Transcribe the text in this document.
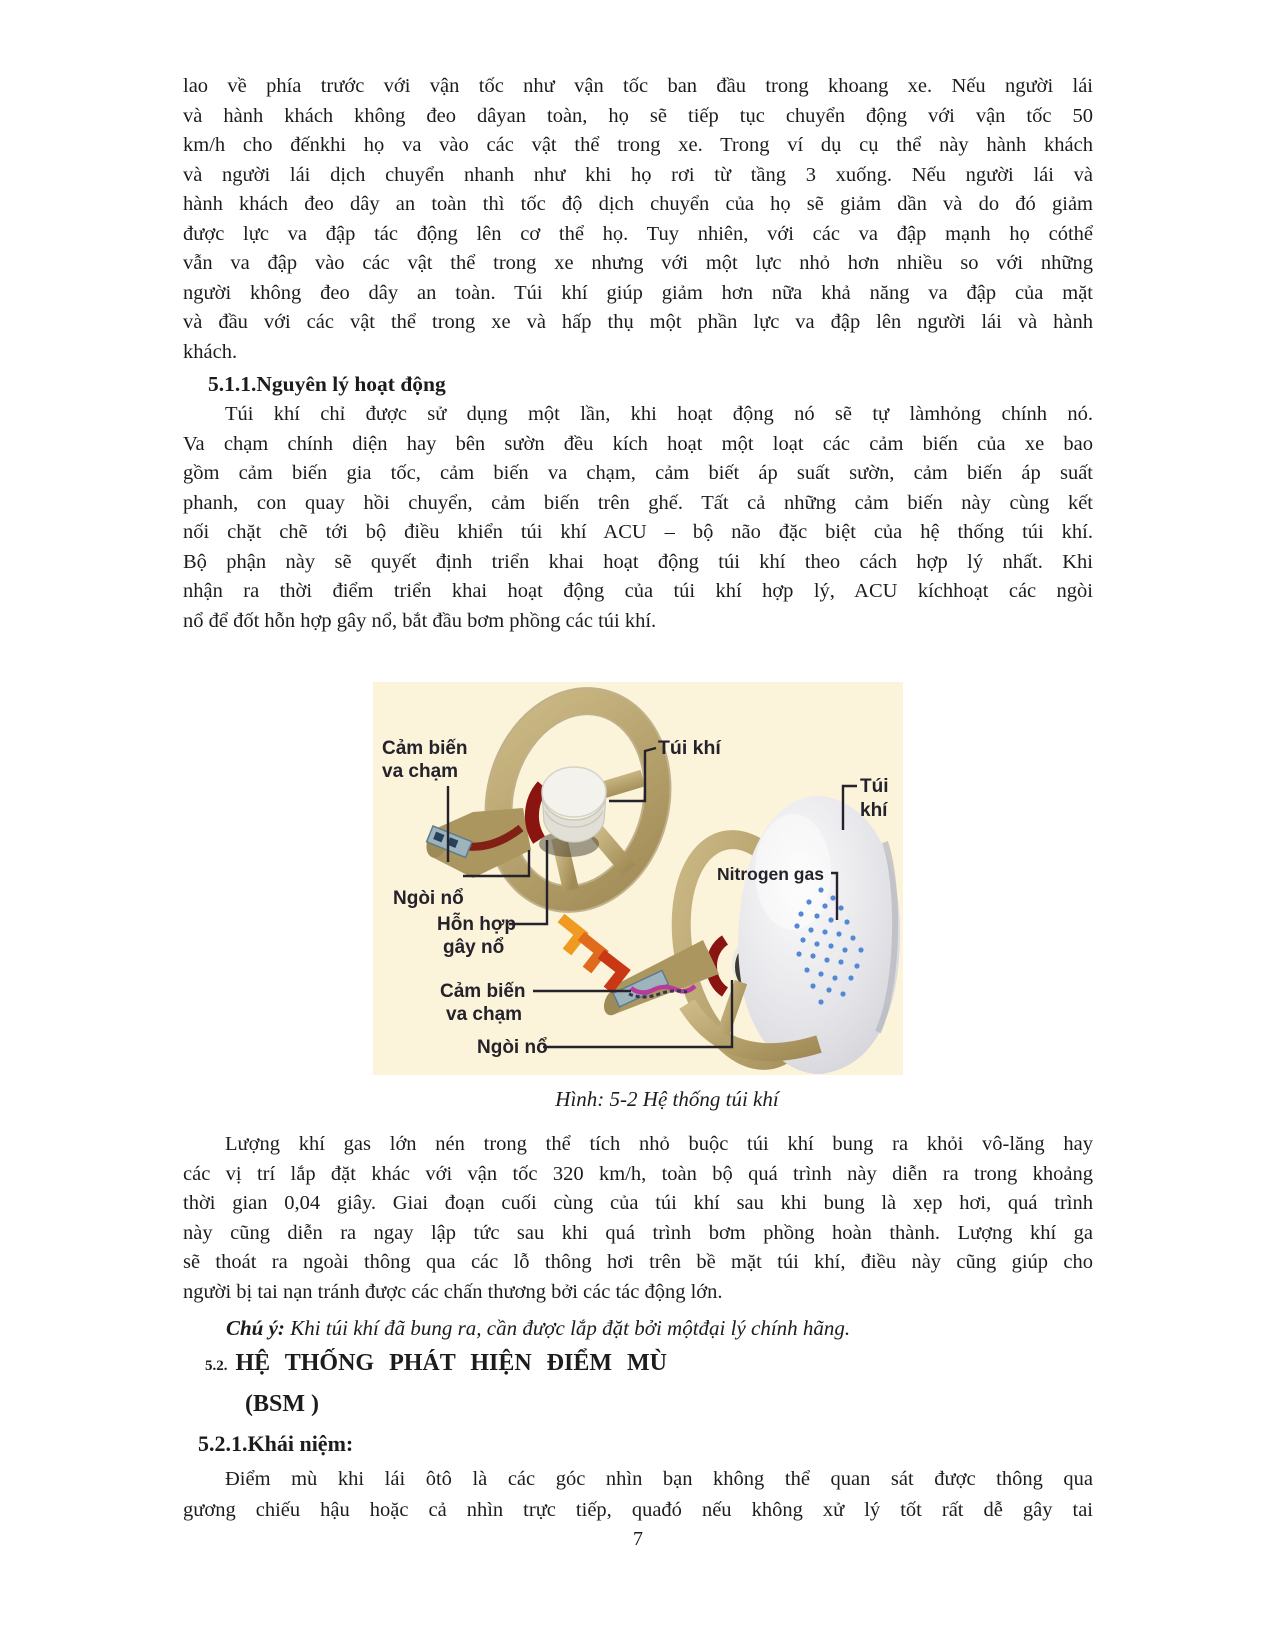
lao về phía trước với vận tốc như vận tốc ban đầu trong khoang xe. Nếu người lái
và hành khách không đeo dâyan toàn, họ sẽ tiếp tục chuyển động với vận tốc 50
km/h cho đếnkhi họ va vào các vật thể trong xe. Trong ví dụ cụ thể này hành khách
và người lái dịch chuyển nhanh như khi họ rơi từ tầng 3 xuống. Nếu người lái và
hành khách đeo dây an toàn thì tốc độ dịch chuyển của họ sẽ giảm dần và do đó giảm
được lực va đập tác động lên cơ thể họ. Tuy nhiên, với các va đập mạnh họ cóthể
vẫn va đập vào các vật thể trong xe nhưng với một lực nhỏ hơn nhiều so với những
người không đeo dây an toàn. Túi khí giúp giảm hơn nữa khả năng va đập của mặt
và đầu với các vật thể trong xe và hấp thụ một phần lực va đập lên người lái và hành
khách.
5.1.1.Nguyên lý hoạt động
Túi khí chỉ được sử dụng một lần, khi hoạt động nó sẽ tự làmhỏng chính nó.
Va chạm chính diện hay bên sườn đều kích hoạt một loạt các cảm biến của xe bao
gồm cảm biến gia tốc, cảm biến va chạm, cảm biết áp suất sườn, cảm biến áp suất
phanh, con quay hồi chuyển, cảm biến trên ghế. Tất cả những cảm biến này cùng kết
nối chặt chẽ tới bộ điều khiển túi khí ACU – bộ não đặc biệt của hệ thống túi khí.
Bộ phận này sẽ quyết định triển khai hoạt động túi khí theo cách hợp lý nhất. Khi
nhận ra thời điểm triển khai hoạt động của túi khí hợp lý, ACU kíchhoạt các ngòi
nổ để đốt hỗn hợp gây nổ, bắt đầu bơm phồng các túi khí.
Cảm biến
va chạm
Túi khí
Túi
khí
Nitrogen gas
Ngòi nổ
Hỗn hợp
gây nổ
Cảm biến
va chạm
Ngòi nổ
Hình: 5-2 Hệ thống túi khí
Lượng khí gas lớn nén trong thể tích nhỏ buộc túi khí bung ra khỏi vô-lăng hay
các vị trí lắp đặt khác với vận tốc 320 km/h, toàn bộ quá trình này diễn ra trong khoảng
thời gian 0,04 giây. Giai đoạn cuối cùng của túi khí sau khi bung là xẹp hơi, quá trình
này cũng diễn ra ngay lập tức sau khi quá trình bơm phồng hoàn thành. Lượng khí ga
sẽ thoát ra ngoài thông qua các lỗ thông hơi trên bề mặt túi khí, điều này cũng giúp cho
người bị tai nạn tránh được các chấn thương bởi các tác động lớn.
Chú ý: Khi túi khí đã bung ra, cần được lắp đặt bởi mộtđại lý chính hãng.
5.2. HỆ THỐNG PHÁT HIỆN ĐIỂM MÙ
(BSM )
5.2.1.Khái niệm:
Điểm mù khi lái ôtô là các góc nhìn bạn không thể quan sát được thông qua
gương chiếu hậu hoặc cả nhìn trực tiếp, quađó nếu không xử lý tốt rất dễ gây tai
7
